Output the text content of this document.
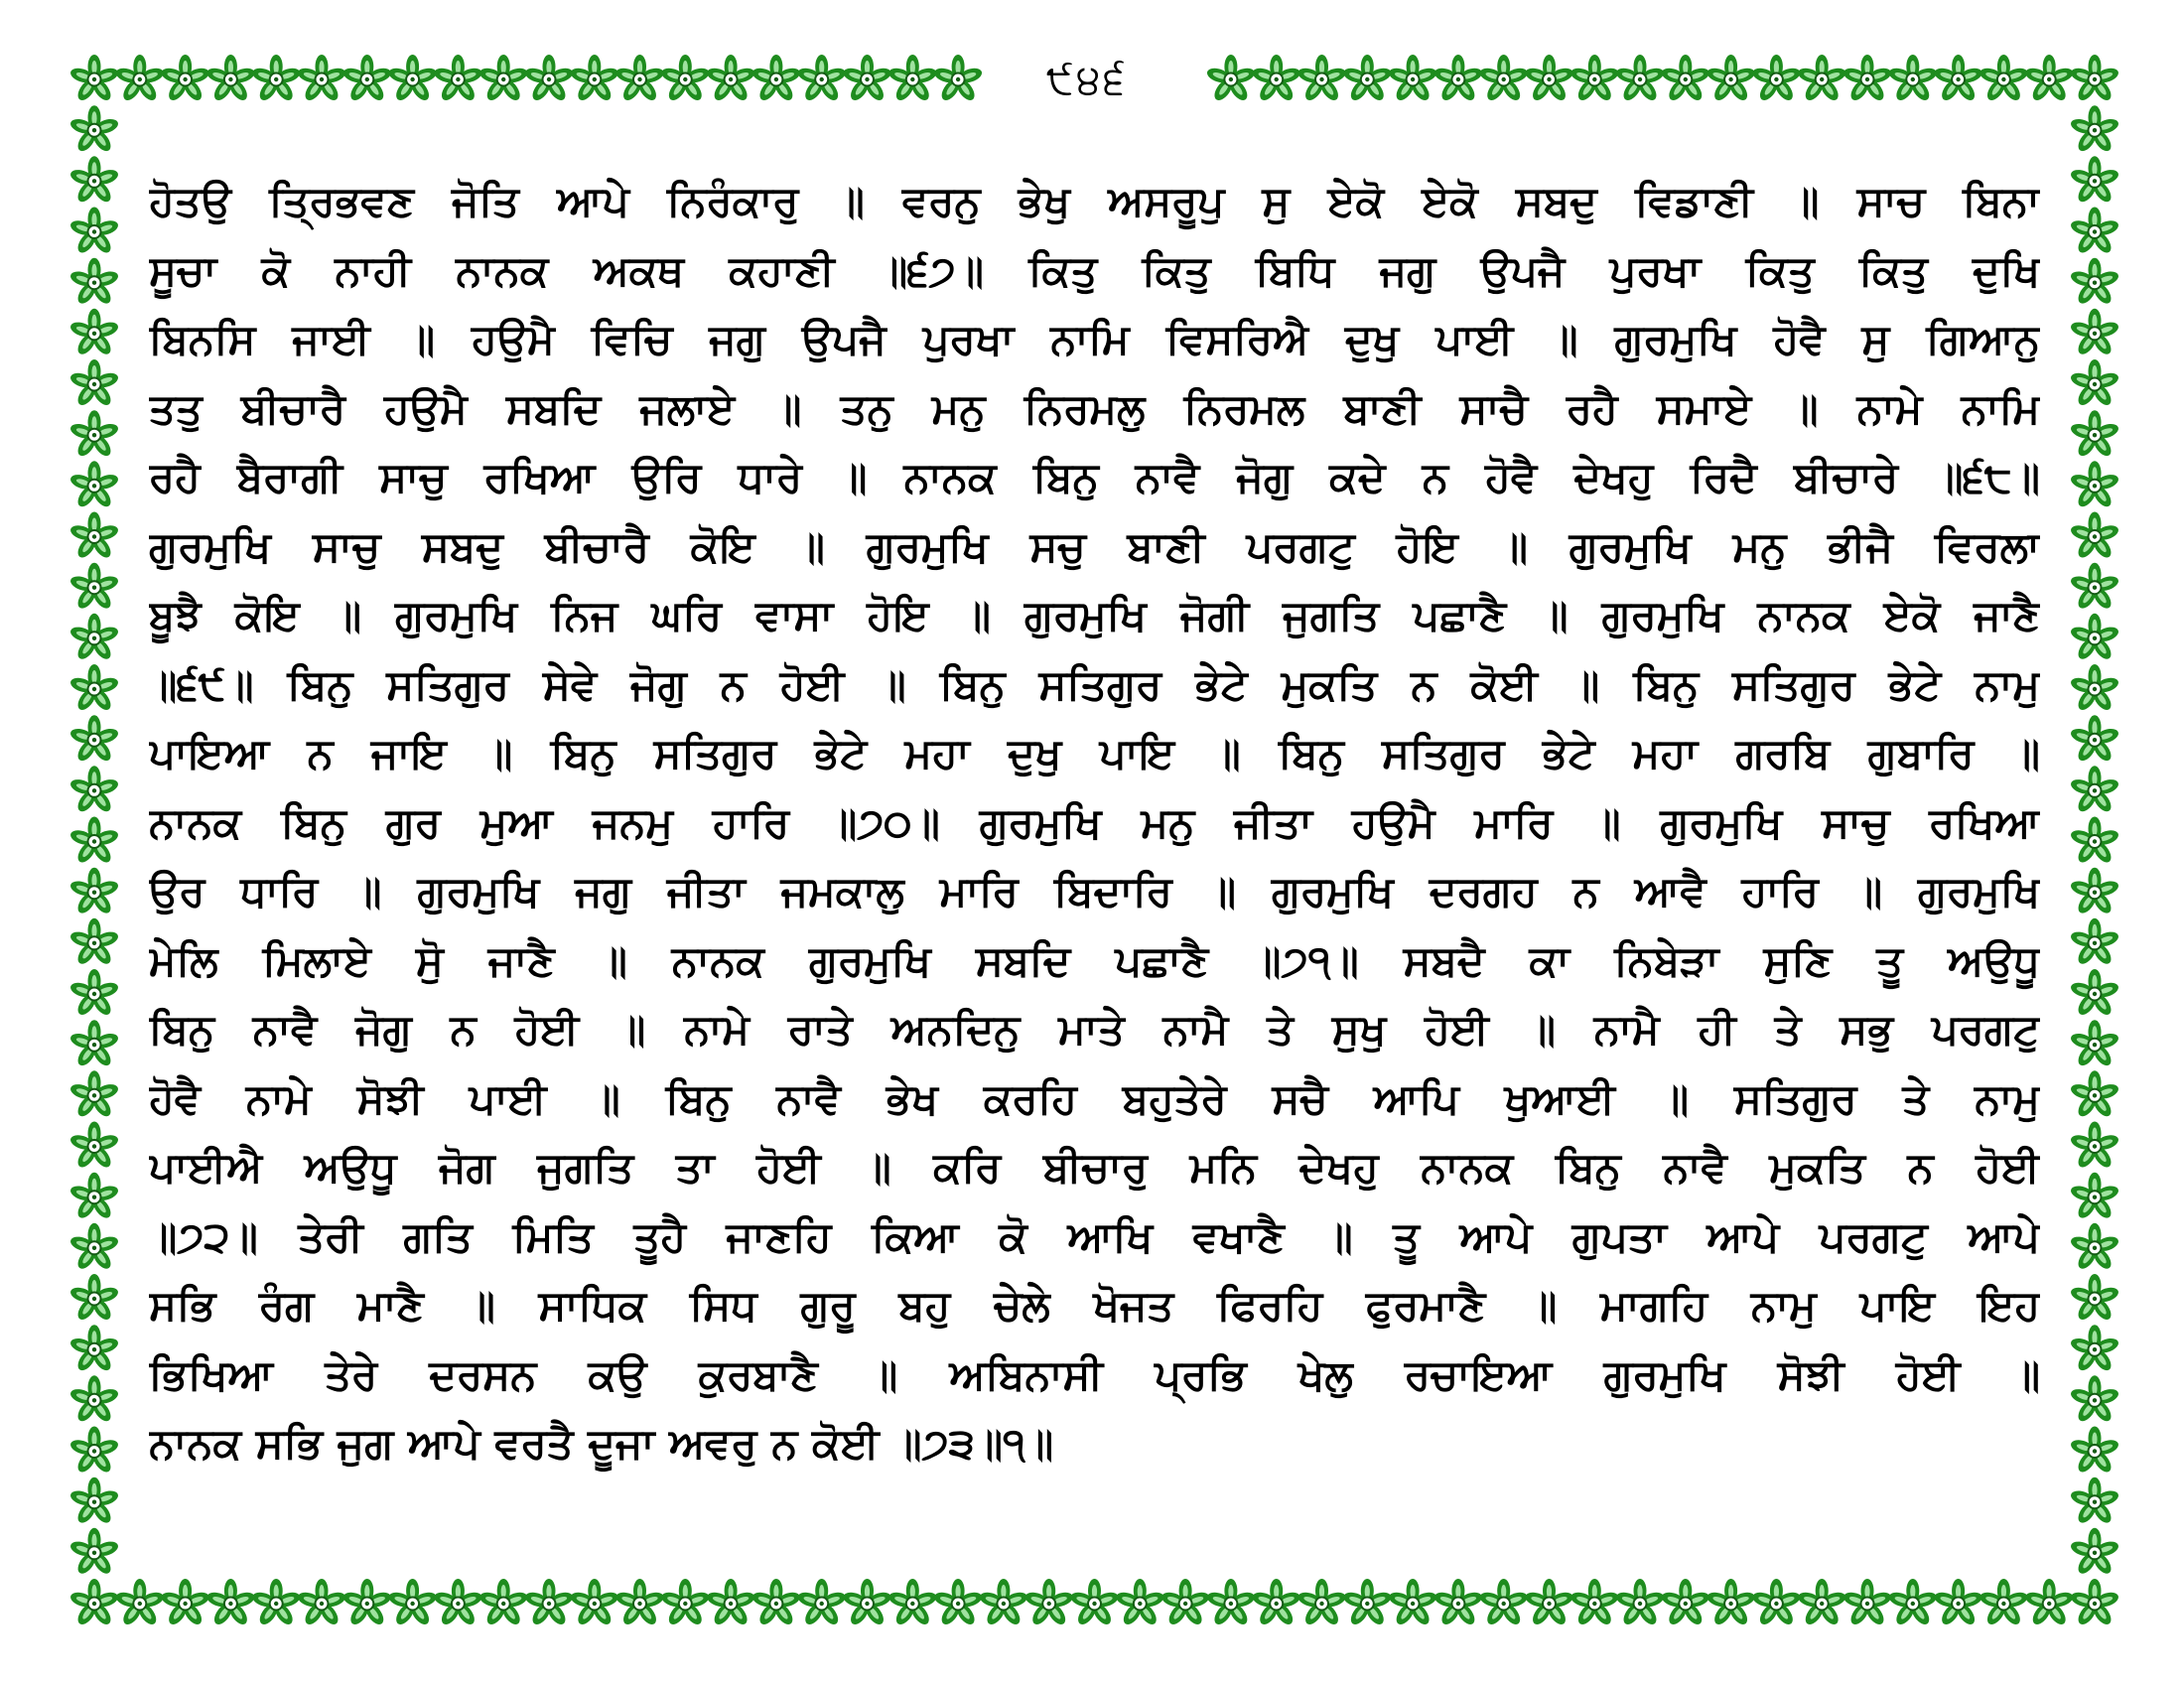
੯੪੬
ਹੋਤਉ ਤ੍ਰਿਭਵਣ ਜੋਤਿ ਆਪੇ ਨਿਰੰਕਾਰੁ ॥ ਵਰਨੁ ਭੇਖੁ ਅਸਰੂਪੁ ਸੁ ਏਕੋ ਏਕੋ ਸਬਦੁ ਵਿਡਾਣੀ ॥ ਸਾਚ ਬਿਨਾ
ਸੂਚਾ ਕੋ ਨਾਹੀ ਨਾਨਕ ਅਕਥ ਕਹਾਣੀ ॥੬੭॥ ਕਿਤੁ ਕਿਤੁ ਬਿਧਿ ਜਗੁ ਉਪਜੈ ਪੁਰਖਾ ਕਿਤੁ ਕਿਤੁ ਦੁਖਿ
ਬਿਨਸਿ ਜਾਈ ॥ ਹਉਮੈ ਵਿਚਿ ਜਗੁ ਉਪਜੈ ਪੁਰਖਾ ਨਾਮਿ ਵਿਸਰਿਐ ਦੁਖੁ ਪਾਈ ॥ ਗੁਰਮੁਖਿ ਹੋਵੈ ਸੁ ਗਿਆਨੁ
ਤਤੁ ਬੀਚਾਰੈ ਹਉਮੈ ਸਬਦਿ ਜਲਾਏ ॥ ਤਨੁ ਮਨੁ ਨਿਰਮਲੁ ਨਿਰਮਲ ਬਾਣੀ ਸਾਚੈ ਰਹੈ ਸਮਾਏ ॥ ਨਾਮੇ ਨਾਮਿ
ਰਹੈ ਬੈਰਾਗੀ ਸਾਚੁ ਰਖਿਆ ਉਰਿ ਧਾਰੇ ॥ ਨਾਨਕ ਬਿਨੁ ਨਾਵੈ ਜੋਗੁ ਕਦੇ ਨ ਹੋਵੈ ਦੇਖਹੁ ਰਿਦੈ ਬੀਚਾਰੇ ॥੬੮॥
ਗੁਰਮੁਖਿ ਸਾਚੁ ਸਬਦੁ ਬੀਚਾਰੈ ਕੋਇ ॥ ਗੁਰਮੁਖਿ ਸਚੁ ਬਾਣੀ ਪਰਗਟੁ ਹੋਇ ॥ ਗੁਰਮੁਖਿ ਮਨੁ ਭੀਜੈ ਵਿਰਲਾ
ਬੂਝੈ ਕੋਇ ॥ ਗੁਰਮੁਖਿ ਨਿਜ ਘਰਿ ਵਾਸਾ ਹੋਇ ॥ ਗੁਰਮੁਖਿ ਜੋਗੀ ਜੁਗਤਿ ਪਛਾਣੈ ॥ ਗੁਰਮੁਖਿ ਨਾਨਕ ਏਕੋ ਜਾਣੈ
॥੬੯॥ ਬਿਨੁ ਸਤਿਗੁਰ ਸੇਵੇ ਜੋਗੁ ਨ ਹੋਈ ॥ ਬਿਨੁ ਸਤਿਗੁਰ ਭੇਟੇ ਮੁਕਤਿ ਨ ਕੋਈ ॥ ਬਿਨੁ ਸਤਿਗੁਰ ਭੇਟੇ ਨਾਮੁ
ਪਾਇਆ ਨ ਜਾਇ ॥ ਬਿਨੁ ਸਤਿਗੁਰ ਭੇਟੇ ਮਹਾ ਦੁਖੁ ਪਾਇ ॥ ਬਿਨੁ ਸਤਿਗੁਰ ਭੇਟੇ ਮਹਾ ਗਰਬਿ ਗੁਬਾਰਿ ॥
ਨਾਨਕ ਬਿਨੁ ਗੁਰ ਮੁਆ ਜਨਮੁ ਹਾਰਿ ॥੭੦॥ ਗੁਰਮੁਖਿ ਮਨੁ ਜੀਤਾ ਹਉਮੈ ਮਾਰਿ ॥ ਗੁਰਮੁਖਿ ਸਾਚੁ ਰਖਿਆ
ਉਰ ਧਾਰਿ ॥ ਗੁਰਮੁਖਿ ਜਗੁ ਜੀਤਾ ਜਮਕਾਲੁ ਮਾਰਿ ਬਿਦਾਰਿ ॥ ਗੁਰਮੁਖਿ ਦਰਗਹ ਨ ਆਵੈ ਹਾਰਿ ॥ ਗੁਰਮੁਖਿ
ਮੇਲਿ ਮਿਲਾਏ ਸੋੁ ਜਾਣੈ ॥ ਨਾਨਕ ਗੁਰਮੁਖਿ ਸਬਦਿ ਪਛਾਣੈ ॥੭੧॥ ਸਬਦੈ ਕਾ ਨਿਬੇੜਾ ਸੁਣਿ ਤੂ ਅਉਧੂ
ਬਿਨੁ ਨਾਵੈ ਜੋਗੁ ਨ ਹੋਈ ॥ ਨਾਮੇ ਰਾਤੇ ਅਨਦਿਨੁ ਮਾਤੇ ਨਾਮੈ ਤੇ ਸੁਖੁ ਹੋਈ ॥ ਨਾਮੈ ਹੀ ਤੇ ਸਭੁ ਪਰਗਟੁ
ਹੋਵੈ ਨਾਮੇ ਸੋਝੀ ਪਾਈ ॥ ਬਿਨੁ ਨਾਵੈ ਭੇਖ ਕਰਹਿ ਬਹੁਤੇਰੇ ਸਚੈ ਆਪਿ ਖੁਆਈ ॥ ਸਤਿਗੁਰ ਤੇ ਨਾਮੁ
ਪਾਈਐ ਅਉਧੂ ਜੋਗ ਜੁਗਤਿ ਤਾ ਹੋਈ ॥ ਕਰਿ ਬੀਚਾਰੁ ਮਨਿ ਦੇਖਹੁ ਨਾਨਕ ਬਿਨੁ ਨਾਵੈ ਮੁਕਤਿ ਨ ਹੋਈ
॥੭੨॥ ਤੇਰੀ ਗਤਿ ਮਿਤਿ ਤੂਹੈ ਜਾਣਹਿ ਕਿਆ ਕੋ ਆਖਿ ਵਖਾਣੈ ॥ ਤੂ ਆਪੇ ਗੁਪਤਾ ਆਪੇ ਪਰਗਟੁ ਆਪੇ
ਸਭਿ ਰੰਗ ਮਾਣੈ ॥ ਸਾਧਿਕ ਸਿਧ ਗੁਰੂ ਬਹੁ ਚੇਲੇ ਖੋਜਤ ਫਿਰਹਿ ਫੁਰਮਾਣੈ ॥ ਮਾਗਹਿ ਨਾਮੁ ਪਾਇ ਇਹ
ਭਿਖਿਆ ਤੇਰੇ ਦਰਸਨ ਕਉ ਕੁਰਬਾਣੈ ॥ ਅਬਿਨਾਸੀ ਪ੍ਰਭਿ ਖੇਲੁ ਰਚਾਇਆ ਗੁਰਮੁਖਿ ਸੋਝੀ ਹੋਈ ॥
ਨਾਨਕ ਸਭਿ ਜੁਗ ਆਪੇ ਵਰਤੈ ਦੂਜਾ ਅਵਰੁ ਨ ਕੋਈ ॥੭੩॥੧॥
